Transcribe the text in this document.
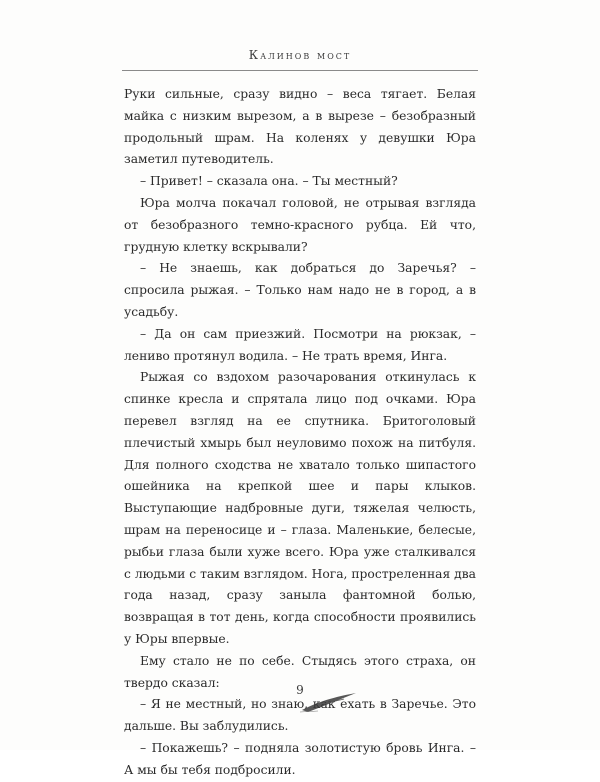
Калинов мост

Руки сильные, сразу видно – веса тягает. Белая майка с низким вырезом, а в вырезе – безобразный продольный шрам. На коленях у девушки Юра заметил путеводитель.

– Привет! – сказала она. – Ты местный?

Юра молча покачал головой, не отрывая взгляда от безобразного темно-красного рубца. Ей что, грудную клетку вскрывали?

– Не знаешь, как добраться до Заречья? – спросила рыжая. – Только нам надо не в город, а в усадьбу.

– Да он сам приезжий. Посмотри на рюкзак, – лениво протянул водила. – Не трать время, Инга.

Рыжая со вздохом разочарования откинулась к спинке кресла и спрятала лицо под очками. Юра перевел взгляд на ее спутника. Бритоголовый плечистый хмырь был неуловимо похож на питбуля. Для полного сходства не хватало только шипастого ошейника на крепкой шее и пары клыков. Выступающие надбровные дуги, тяжелая челюсть, шрам на переносице и – глаза. Маленькие, белесые, рыбьи глаза были хуже всего. Юра уже сталкивался с людьми с таким взглядом. Нога, простреленная два года назад, сразу заныла фантомной болью, возвращая в тот день, когда способности проявились у Юры впервые.

Ему стало не по себе. Стыдясь этого страха, он твердо сказал:

– Я не местный, но знаю, как ехать в Заречье. Это дальше. Вы заблудились.

– Покажешь? – подняла золотистую бровь Инга. – А мы бы тебя подбросили.

9
